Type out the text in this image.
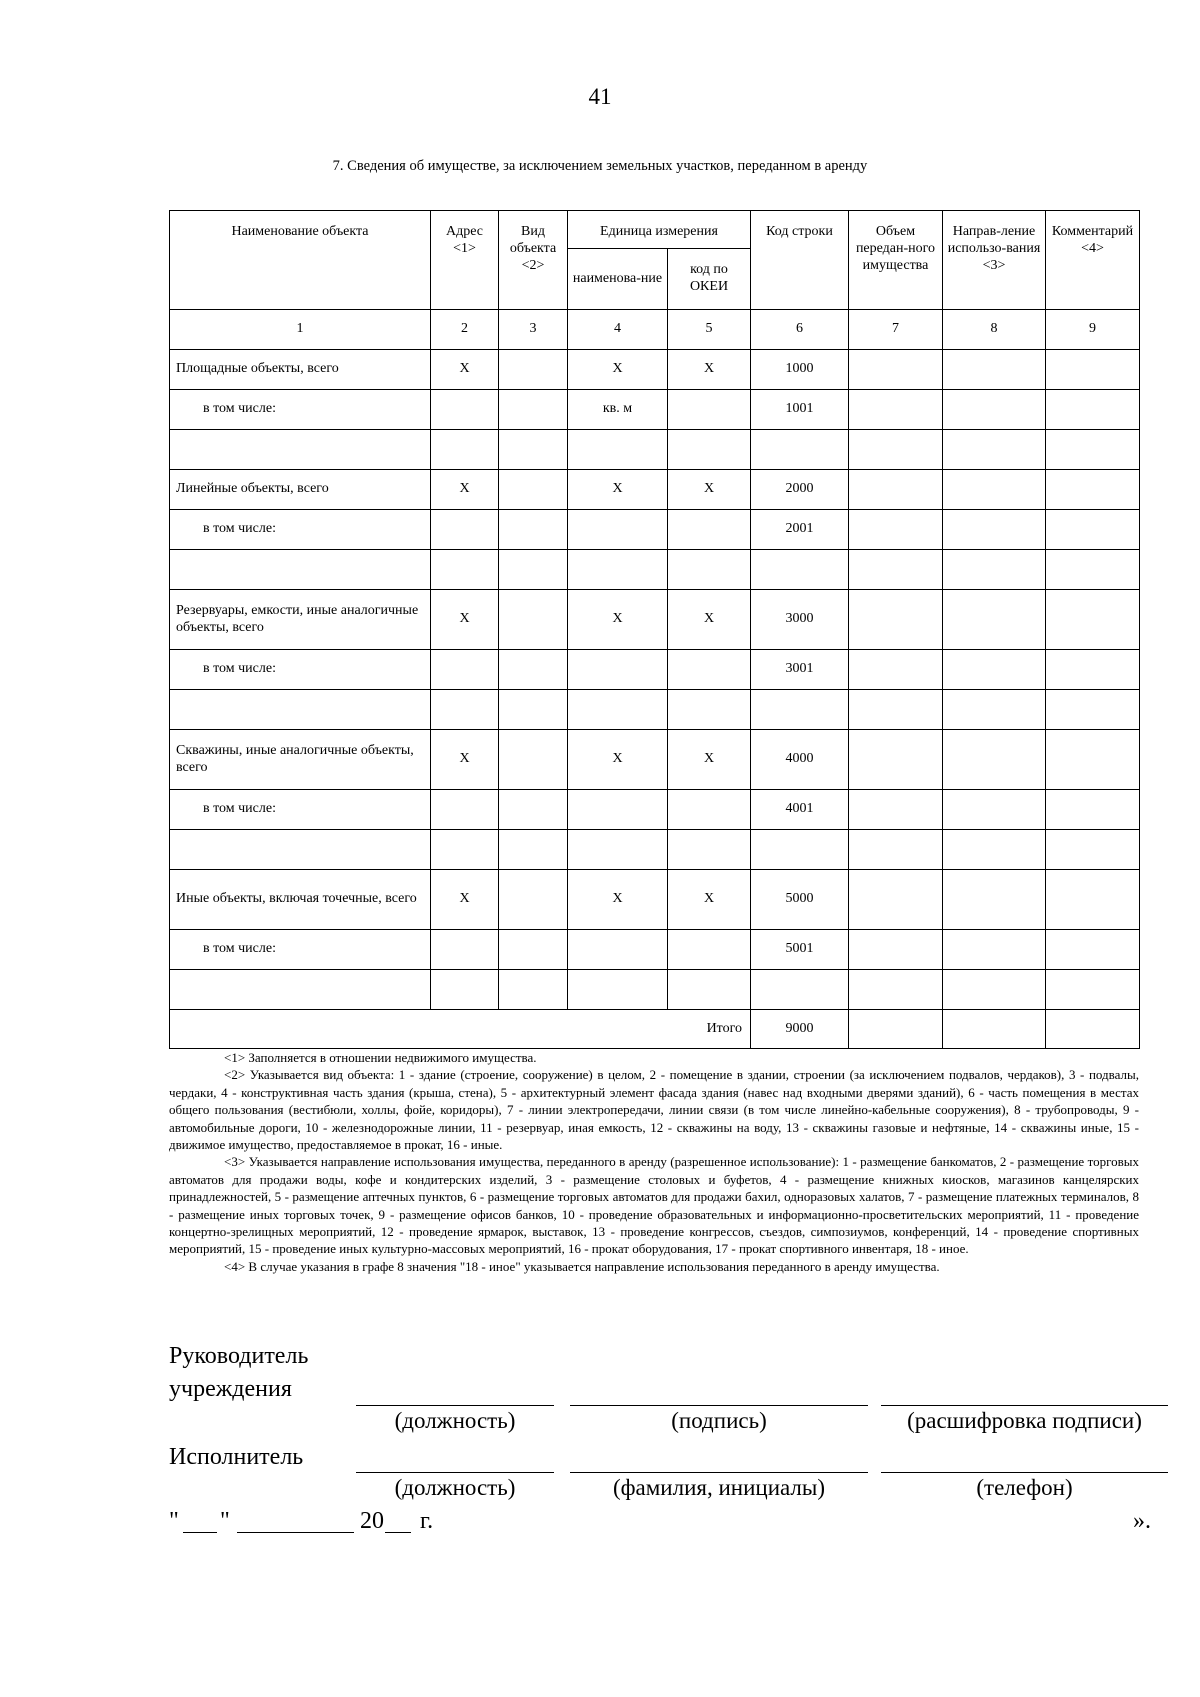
41
7. Сведения об имуществе, за исключением земельных участков, переданном в аренду
Наименование объекта	Адрес <1>	Вид объекта <2>	Единица измерения		Код строки	Объем передан-ного имущества	Направ-ление использо-вания <3>	Комментарий <4>
			наименова-ние	код по ОКЕИ				
1	2	3	4	5	6	7	8	9
Площадные объекты, всего	X		X	X	1000			
в том числе:			кв. м		1001			

Линейные объекты, всего	X		X	X	2000			
в том числе:					2001			

Резервуары, емкости, иные аналогичные объекты, всего	X		X	X	3000			
в том числе:					3001			

Скважины, иные аналогичные объекты, всего	X		X	X	4000			
в том числе:					4001			

Иные объекты, включая точечные, всего	X		X	X	5000			
в том числе:					5001			

Итого					9000			

<1> Заполняется в отношении недвижимого имущества.

<2> Указывается вид объекта: 1 - здание (строение, сооружение) в целом, 2 - помещение в здании, строении (за исключением подвалов, чердаков), 3 - подвалы, чердаки, 4 - конструктивная часть здания (крыша, стена), 5 - архитектурный элемент фасада здания (навес над входными дверями зданий), 6 - часть помещения в местах общего пользования (вестибюли, холлы, фойе, коридоры), 7 - линии электропередачи, линии связи (в том числе линейно-кабельные сооружения), 8 - трубопроводы, 9 - автомобильные дороги, 10 - железнодорожные линии, 11 - резервуар, иная емкость, 12 - скважины на воду, 13 - скважины газовые и нефтяные, 14 - скважины иные, 15 - движимое имущество, предоставляемое в прокат, 16 - иные.

<3> Указывается направление использования имущества, переданного в аренду (разрешенное использование): 1 - размещение банкоматов, 2 - размещение торговых автоматов для продажи воды, кофе и кондитерских изделий, 3 - размещение столовых и буфетов, 4 - размещение книжных киосков, магазинов канцелярских принадлежностей, 5 - размещение аптечных пунктов, 6 - размещение торговых автоматов для продажи бахил, одноразовых халатов, 7 - размещение платежных терминалов, 8 - размещение иных торговых точек, 9 - размещение офисов банков, 10 - проведение образовательных и информационно-просветительских мероприятий, 11 - проведение концертно-зрелищных мероприятий, 12 - проведение ярмарок, выставок, 13 - проведение конгрессов, съездов, симпозиумов, конференций, 14 - проведение спортивных мероприятий, 15 - проведение иных культурно-массовых мероприятий, 16 - прокат оборудования, 17 - прокат спортивного инвентаря, 18 - иное.

<4> В случае указания в графе 8 значения "18 - иное" указывается направление использования переданного в аренду имущества.

Руководитель
учреждения
(должность)	(подпись)	(расшифровка подписи)
Исполнитель
(должность)	(фамилия, инициалы)	(телефон)
" "	20 г.	».
